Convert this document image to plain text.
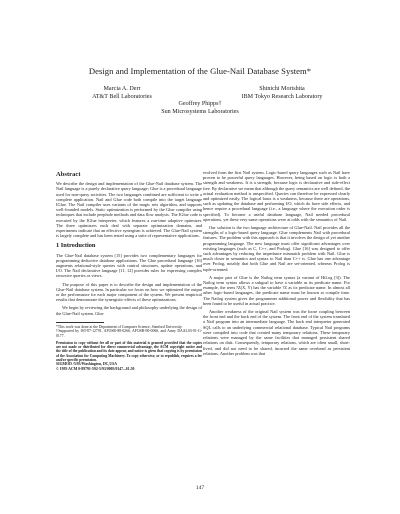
Design and Implementation of the Glue-Nail Database System*
Marcia A. Derr
AT&T Bell Laboratories
Shinichi Morishita
IBM Tokyo Research Laboratory
Geoffrey Phipps†
Sun Microsystems Laboratories
Abstract
We describe the design and implementation of the Glue-Nail database system. The Nail language is a purely declarative query language; Glue is a procedural language used for non-query activities. The two languages combined are sufficient to write a complete application. Nail and Glue code both compile into the target language IGlue. The Nail compiler uses variants of the magic sets algorithm, and supports well-founded models. Static optimization is performed by the Glue compiler using techniques that include peephole methods and data flow analysis. The IGlue code is executed by the IGlue interpreter, which features a run-time adaptive optimizer. The three optimizers each deal with separate optimization domains, and experiments indicate that an effective synergism is achieved. The Glue-Nail system is largely complete and has been tested using a suite of representative applications.
1 Introduction
The Glue-Nail database system [15] provides two complementary languages for programming deductive database applications. The Glue procedural language [16] augments relational-style queries with control structures, update operations, and I/O. The Nail declarative language [11, 12] provides rules for expressing complex recursive queries or views.
The purpose of this paper is to describe the design and implementation of the Glue-Nail database system. In particular we focus on how we optimized the output or the performance for each major component of the system. We present empirical results that demonstrate the synergistic effects of these optimizations.
We begin by reviewing the background and philosophy underlying the design of the Glue-Nail system. Glue
*This work was done at the Department of Computer Science, Stanford University.
†Supported by IST-87-12791, AFOSR-88-0266, AFOSR-90-0066, and Army DAAL03-91-G-0177.
Permission to copy without fee all or part of this material is granted provided that the copies are not made or distributed for direct commercial advantage, the ACM copyright notice and the title of the publication and its date appear, and notice is given that copying is by permission of the Association for Computing Machinery. To copy otherwise, or to republish, requires a fee and/or specific permission.
SIGMOD /5/93/Washington, DC,USA
© 1993 ACM 0-89791-592-5/93/0005/0147...$1.50
evolved from the first Nail system. Logic-based query languages such as Nail have proven to be powerful query languages. However, being based on logic is both a strength and weakness. It is a strength, because logic is declarative and side-effect free. By declarative we mean that although the query semantics are well defined, the actual evaluation method is unspecified. Queries can therefore be expressed clearly and optimized easily. The logical basis is a weakness, because there are operations, such as updating the database and performing I/O, which do have side effects, and hence require a procedural language (i.e., a language where the execution order is specified). To become a useful database language, Nail needed procedural operations, yet these very same operations were at odds with the semantics of Nail.
Our solution is the two language architecture of Glue-Nail. Nail provides all the strengths of a logic-based query language. Glue complements Nail with procedural features. The problem with this approach is that it involves the design of yet another programming language. The new language must offer significant advantages over existing languages (such as C, C++, and Prolog). Glue [16] was designed to offer such advantages by reducing the impedance mismatch problem with Nail. Glue is much closer in semantics and syntax to Nail than C++ is. Glue has one advantage over Prolog, notably that both Glue and Nail are set-oriented, whereas Prolog is tuple-oriented.
A major part of Glue is the Nailog term syntax (a variant of HiLog [3]). The Nailog term syntax allows a subgoal to have a variable as its predicate name. For example, the term ?Z(X, Y) has the variable ?Z as its predicate name. In almost all other logic-based languages, the predicate name must be known at compile time. The Nailog system gives the programmer additional power and flexibility that has been found to be useful in actual practice.
Another weakness of the original Nail system was the loose coupling between the front end and the back end of the system. The front end of the system translated a Nail program into an intermediate language. The back end interpreter generated SQL calls to an underlying commercial relational database. Typical Nail programs were compiled into code that created many temporary relations. These temporary relations were managed by the same facilities that managed persistent shared relations on disk. Consequently, temporary relations, which are often small, short-lived, and did not need to be shared, incurred the same overhead as persistent relations. Another problem was that
147
